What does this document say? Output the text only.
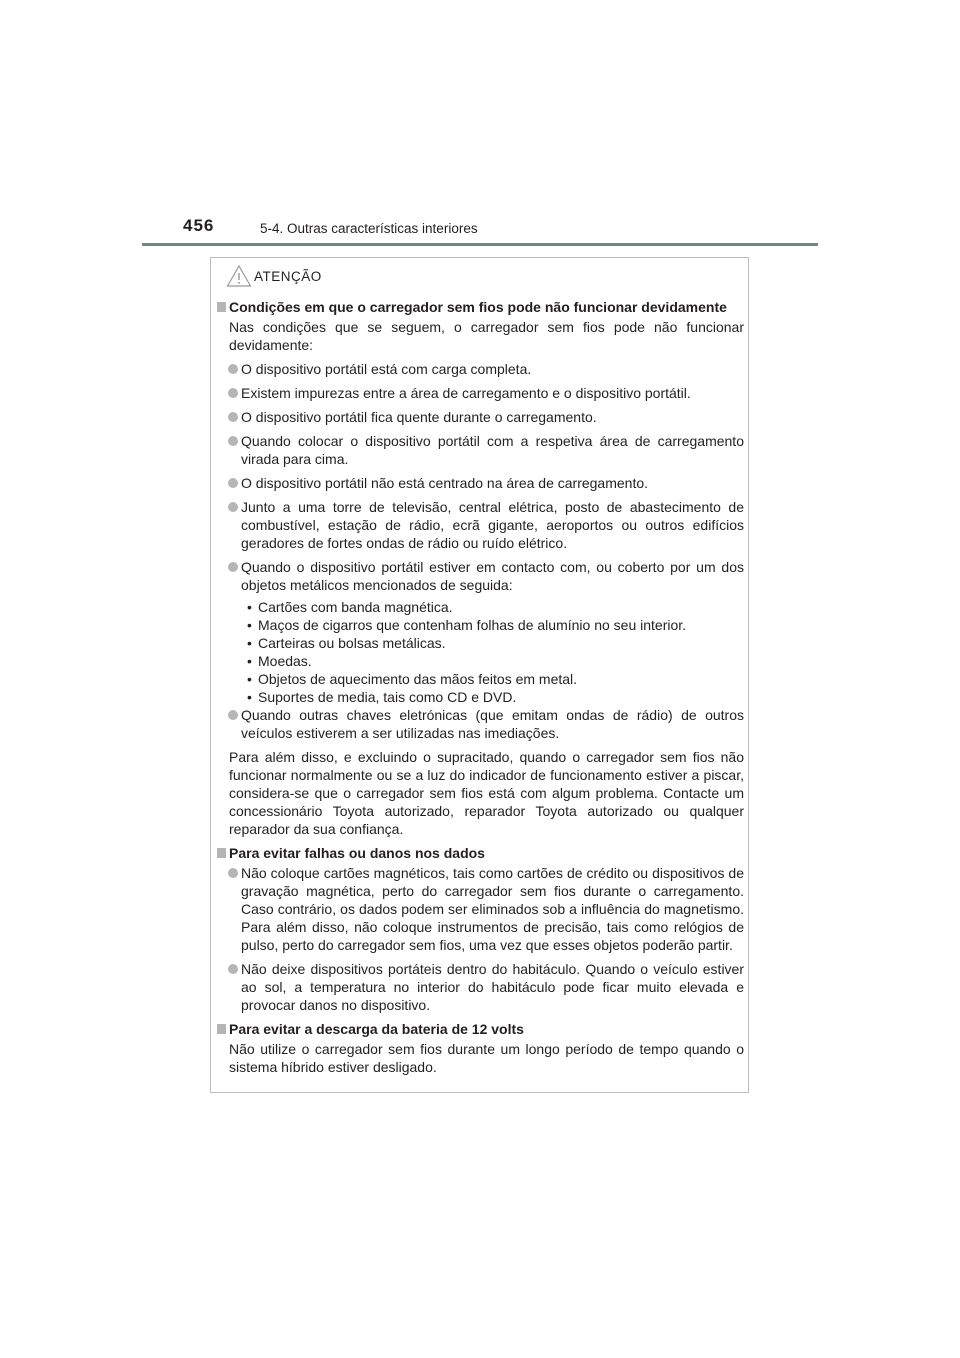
456	5-4. Outras características interiores
ATENÇÃO
Condições em que o carregador sem fios pode não funcionar devidamente
Nas condições que se seguem, o carregador sem fios pode não funcionar devidamente:
O dispositivo portátil está com carga completa.
Existem impurezas entre a área de carregamento e o dispositivo portátil.
O dispositivo portátil fica quente durante o carregamento.
Quando colocar o dispositivo portátil com a respetiva área de carregamento virada para cima.
O dispositivo portátil não está centrado na área de carregamento.
Junto a uma torre de televisão, central elétrica, posto de abastecimento de combustível, estação de rádio, ecrã gigante, aeroportos ou outros edifícios geradores de fortes ondas de rádio ou ruído elétrico.
Quando o dispositivo portátil estiver em contacto com, ou coberto por um dos objetos metálicos mencionados de seguida:
• Cartões com banda magnética.
• Maços de cigarros que contenham folhas de alumínio no seu interior.
• Carteiras ou bolsas metálicas.
• Moedas.
• Objetos de aquecimento das mãos feitos em metal.
• Suportes de media, tais como CD e DVD.
Quando outras chaves eletrónicas (que emitam ondas de rádio) de outros veículos estiverem a ser utilizadas nas imediações.
Para além disso, e excluindo o supracitado, quando o carregador sem fios não funcionar normalmente ou se a luz do indicador de funcionamento estiver a piscar, considera-se que o carregador sem fios está com algum problema. Contacte um concessionário Toyota autorizado, reparador Toyota autorizado ou qualquer reparador da sua confiança.
Para evitar falhas ou danos nos dados
Não coloque cartões magnéticos, tais como cartões de crédito ou dispositivos de gravação magnética, perto do carregador sem fios durante o carregamento. Caso contrário, os dados podem ser eliminados sob a influência do magnetismo. Para além disso, não coloque instrumentos de precisão, tais como relógios de pulso, perto do carregador sem fios, uma vez que esses objetos poderão partir.
Não deixe dispositivos portáteis dentro do habitáculo. Quando o veículo estiver ao sol, a temperatura no interior do habitáculo pode ficar muito elevada e provocar danos no dispositivo.
Para evitar a descarga da bateria de 12 volts
Não utilize o carregador sem fios durante um longo período de tempo quando o sistema híbrido estiver desligado.
